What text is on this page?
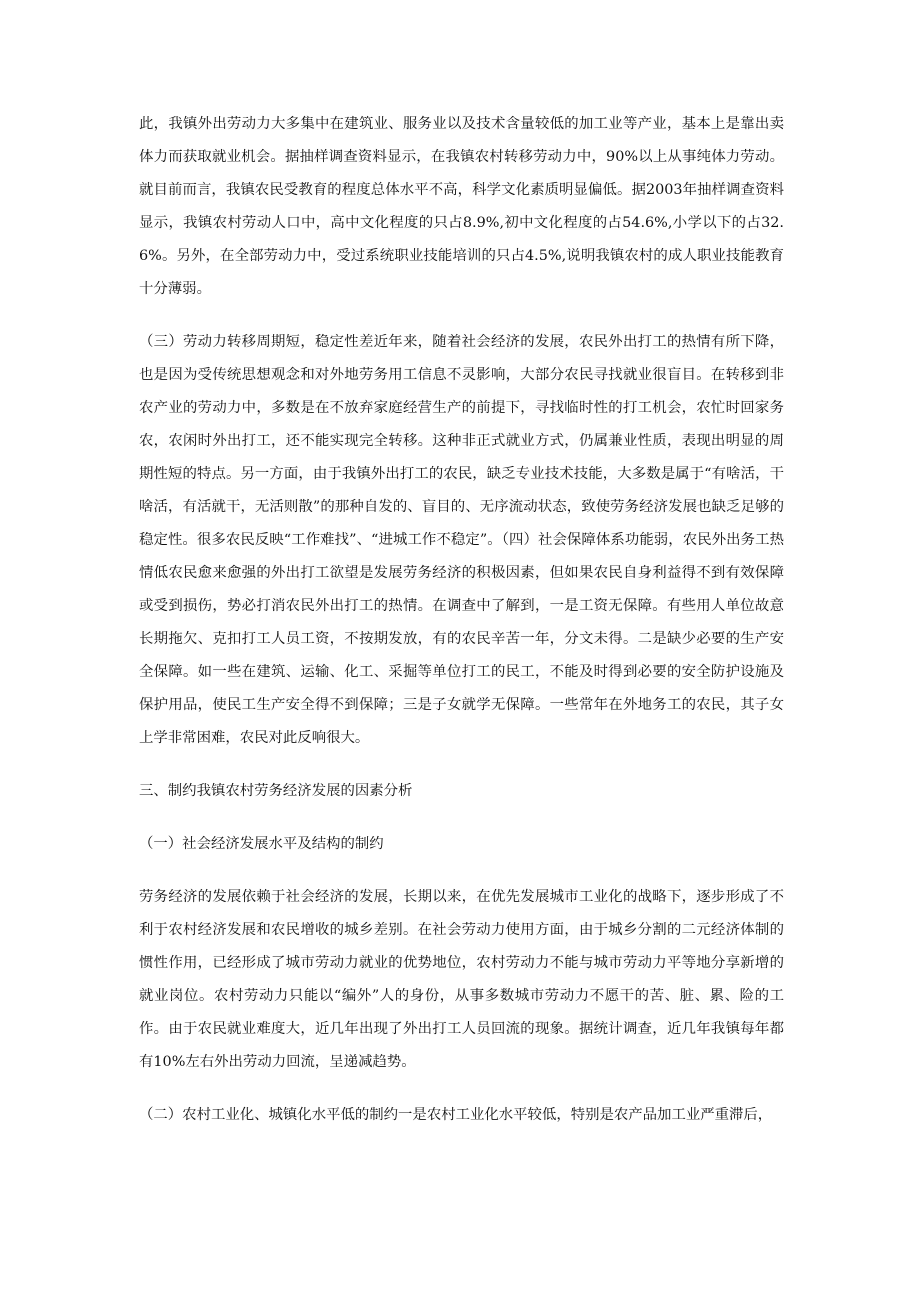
此，我镇外出劳动力大多集中在建筑业、服务业以及技术含量较低的加工业等产业，基本上是靠出卖体力而获取就业机会。据抽样调查资料显示，在我镇农村转移劳动力中，90%以上从事纯体力劳动。就目前而言，我镇农民受教育的程度总体水平不高，科学文化素质明显偏低。据2003年抽样调查资料显示，我镇农村劳动人口中，高中文化程度的只占8.9%,初中文化程度的占54.6%,小学以下的占32.6%。另外，在全部劳动力中，受过系统职业技能培训的只占4.5%,说明我镇农村的成人职业技能教育十分薄弱。

（三）劳动力转移周期短，稳定性差近年来，随着社会经济的发展，农民外出打工的热情有所下降，也是因为受传统思想观念和对外地劳务用工信息不灵影响，大部分农民寻找就业很盲目。在转移到非农产业的劳动力中，多数是在不放弃家庭经营生产的前提下，寻找临时性的打工机会，农忙时回家务农，农闲时外出打工，还不能实现完全转移。这种非正式就业方式，仍属兼业性质，表现出明显的周期性短的特点。另一方面，由于我镇外出打工的农民，缺乏专业技术技能，大多数是属于“有啥活，干啥活，有活就干，无活则散”的那种自发的、盲目的、无序流动状态，致使劳务经济发展也缺乏足够的稳定性。很多农民反映“工作难找”、“进城工作不稳定”。（四）社会保障体系功能弱，农民外出务工热情低农民愈来愈强的外出打工欲望是发展劳务经济的积极因素，但如果农民自身利益得不到有效保障或受到损伤，势必打消农民外出打工的热情。在调查中了解到，一是工资无保障。有些用人单位故意长期拖欠、克扣打工人员工资，不按期发放，有的农民辛苦一年，分文未得。二是缺少必要的生产安全保障。如一些在建筑、运输、化工、采掘等单位打工的民工，不能及时得到必要的安全防护设施及保护用品，使民工生产安全得不到保障；三是子女就学无保障。一些常年在外地务工的农民，其子女上学非常困难，农民对此反响很大。

三、制约我镇农村劳务经济发展的因素分析

（一）社会经济发展水平及结构的制约

劳务经济的发展依赖于社会经济的发展，长期以来，在优先发展城市工业化的战略下，逐步形成了不利于农村经济发展和农民增收的城乡差别。在社会劳动力使用方面，由于城乡分割的二元经济体制的惯性作用，已经形成了城市劳动力就业的优势地位，农村劳动力不能与城市劳动力平等地分享新增的就业岗位。农村劳动力只能以“编外”人的身份，从事多数城市劳动力不愿干的苦、脏、累、险的工作。由于农民就业难度大，近几年出现了外出打工人员回流的现象。据统计调查，近几年我镇每年都有10%左右外出劳动力回流，呈递减趋势。

（二）农村工业化、城镇化水平低的制约一是农村工业化水平较低，特别是农产品加工业严重滞后，
